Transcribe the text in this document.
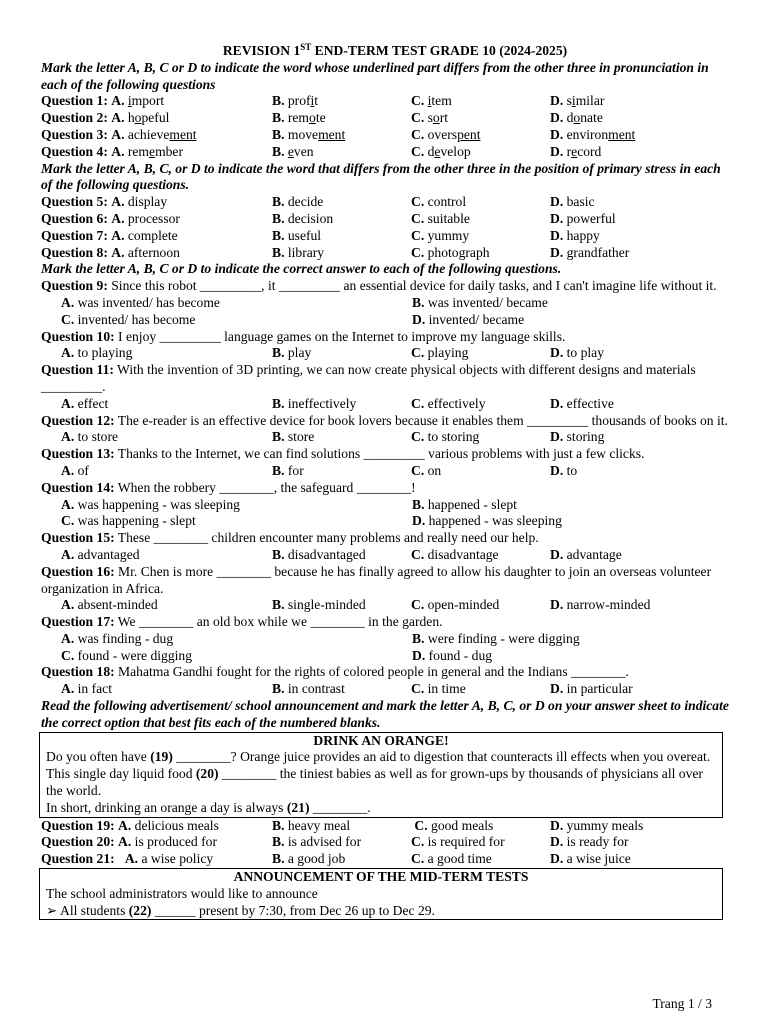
REVISION 1ST END-TERM TEST GRADE 10 (2024-2025)
Mark the letter A, B, C or D to indicate the word whose underlined part differs from the other three in pronunciation in each of the following questions
Question 1: A. import	B. profit	C. item	D. similar
Question 2: A. hopeful	B. remote	C. sort	D. donate
Question 3: A. achievement	B. movement	C. overspent	D. environment
Question 4: A. remember	B. even	C. develop	D. record
Mark the letter A, B, C, or D to indicate the word that differs from the other three in the position of primary stress in each of the following questions.
Question 5: A. display	B. decide	C. control	D. basic
Question 6: A. processor	B. decision	C. suitable	D. powerful
Question 7: A. complete	B. useful	C. yummy	D. happy
Question 8: A. afternoon	B. library	C. photograph	D. grandfather
Mark the letter A, B, C or D to indicate the correct answer to each of the following questions.
Question 9: Since this robot _________, it _________ an essential device for daily tasks, and I can't imagine life without it.
A. was invented/ has become	B. was invented/ became
C. invented/ has become	D. invented/ became
Question 10: I enjoy _________ language games on the Internet to improve my language skills.
A. to playing	B. play	C. playing	D. to play
Question 11: With the invention of 3D printing, we can now create physical objects with different designs and materials _________.
A. effect	B. ineffectively	C. effectively	D. effective
Question 12: The e-reader is an effective device for book lovers because it enables them _________ thousands of books on it.
A. to store	B. store	C. to storing	D. storing
Question 13: Thanks to the Internet, we can find solutions _________ various problems with just a few clicks.
A. of	B. for	C. on	D. to
Question 14: When the robbery ________, the safeguard ________!
A. was happening - was sleeping	B. happened - slept
C. was happening - slept	D. happened - was sleeping
Question 15: These ________ children encounter many problems and really need our help.
A. advantaged	B. disadvantaged	C. disadvantage	D. advantage
Question 16: Mr. Chen is more ________ because he has finally agreed to allow his daughter to join an overseas volunteer organization in Africa.
A. absent-minded	B. single-minded	C. open-minded	D. narrow-minded
Question 17: We ________ an old box while we ________ in the garden.
A. was finding - dug	B. were finding - were digging
C. found - were digging	D. found - dug
Question 18: Mahatma Gandhi fought for the rights of colored people in general and the Indians ________.
A. in fact	B. in contrast	C. in time	D. in particular
Read the following advertisement/ school announcement and mark the letter A, B, C, or D on your answer sheet to indicate the correct option that best fits each of the numbered blanks.
DRINK AN ORANGE!
Do you often have (19) ________? Orange juice provides an aid to digestion that counteracts ill effects when you overeat.
This single day liquid food (20) ________ the tiniest babies as well as for grown-ups by thousands of physicians all over the world.
In short, drinking an orange a day is always (21) ________.
Question 19: A. delicious meals	B. heavy meal	C. good meals	D. yummy meals
Question 20: A. is produced for	B. is advised for	C. is required for	D. is ready for
Question 21: A. a wise policy	B. a good job	C. a good time	D. a wise juice
ANNOUNCEMENT OF THE MID-TERM TESTS
The school administrators would like to announce
➢ All students (22) ______ present by 7:30, from Dec 26 up to Dec 29.
Trang 1 / 3
